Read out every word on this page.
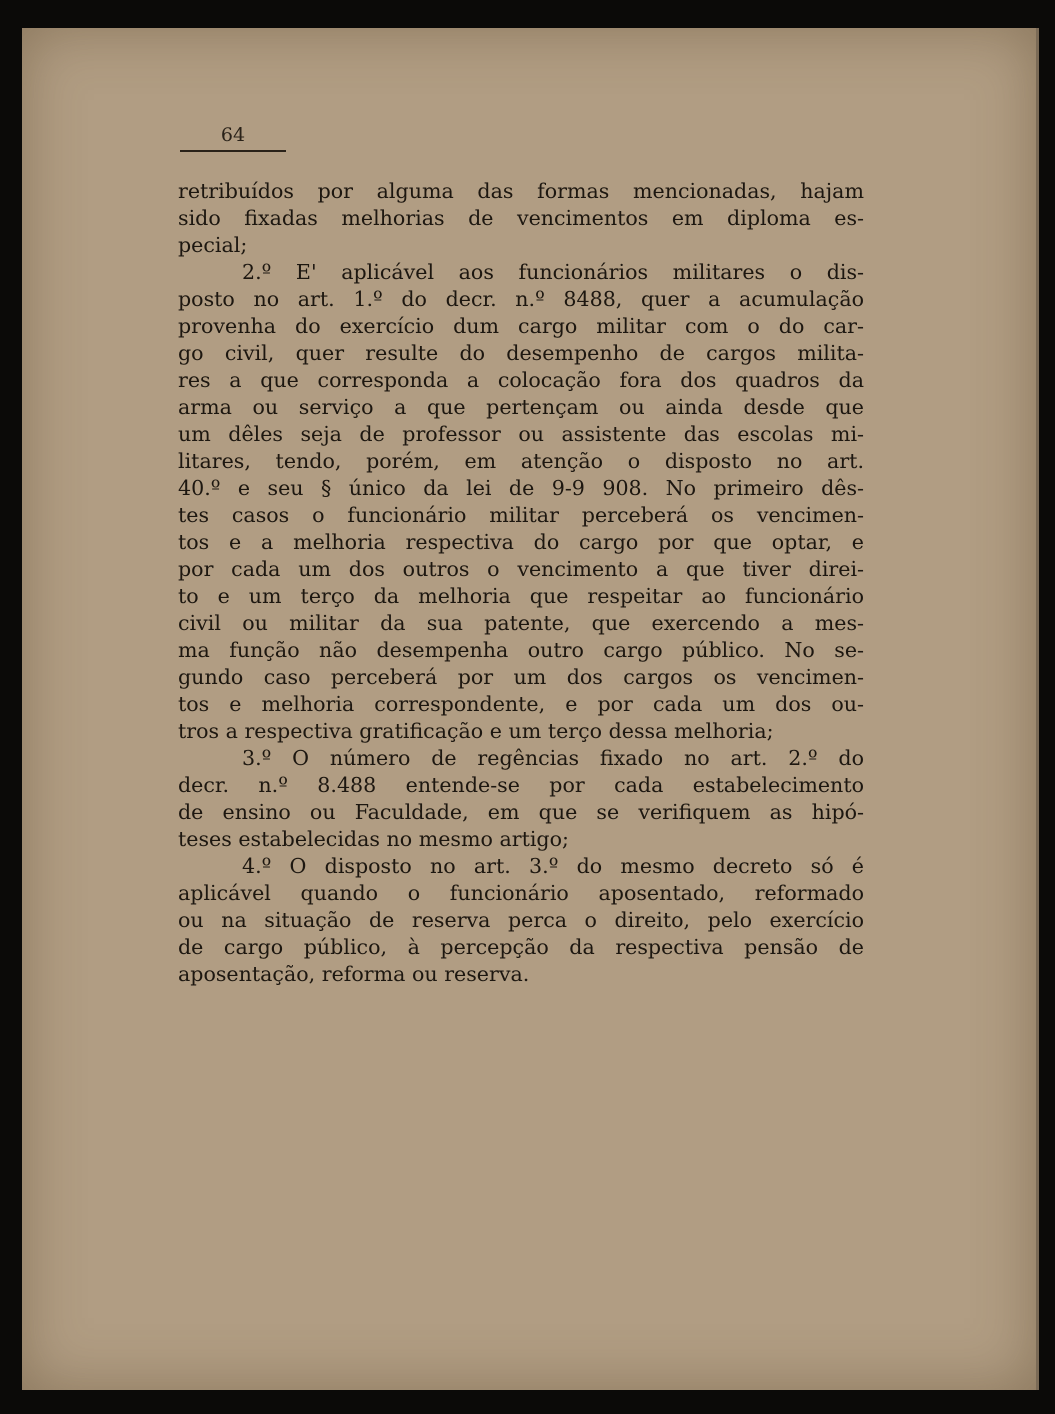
64
retribuídos por alguma das formas mencionadas, hajam
sido fixadas melhorias de vencimentos em diploma es-
pecial;
2.º E' aplicável aos funcionários militares o dis-
posto no art. 1.º do decr. n.º 8488, quer a acumulação
provenha do exercício dum cargo militar com o do car-
go civil, quer resulte do desempenho de cargos milita-
res a que corresponda a colocação fora dos quadros da
arma ou serviço a que pertençam ou ainda desde que
um dêles seja de professor ou assistente das escolas mi-
litares, tendo, porém, em atenção o disposto no art.
40.º e seu § único da lei de 9-9 908. No primeiro dês-
tes casos o funcionário militar perceberá os vencimen-
tos e a melhoria respectiva do cargo por que optar, e
por cada um dos outros o vencimento a que tiver direi-
to e um terço da melhoria que respeitar ao funcionário
civil ou militar da sua patente, que exercendo a mes-
ma função não desempenha outro cargo público. No se-
gundo caso perceberá por um dos cargos os vencimen-
tos e melhoria correspondente, e por cada um dos ou-
tros a respectiva gratificação e um terço dessa melhoria;
3.º O número de regências fixado no art. 2.º do
decr. n.º 8.488 entende-se por cada estabelecimento
de ensino ou Faculdade, em que se verifiquem as hipó-
teses estabelecidas no mesmo artigo;
4.º O disposto no art. 3.º do mesmo decreto só é
aplicável quando o funcionário aposentado, reformado
ou na situação de reserva perca o direito, pelo exercício
de cargo público, à percepção da respectiva pensão de
aposentação, reforma ou reserva.
